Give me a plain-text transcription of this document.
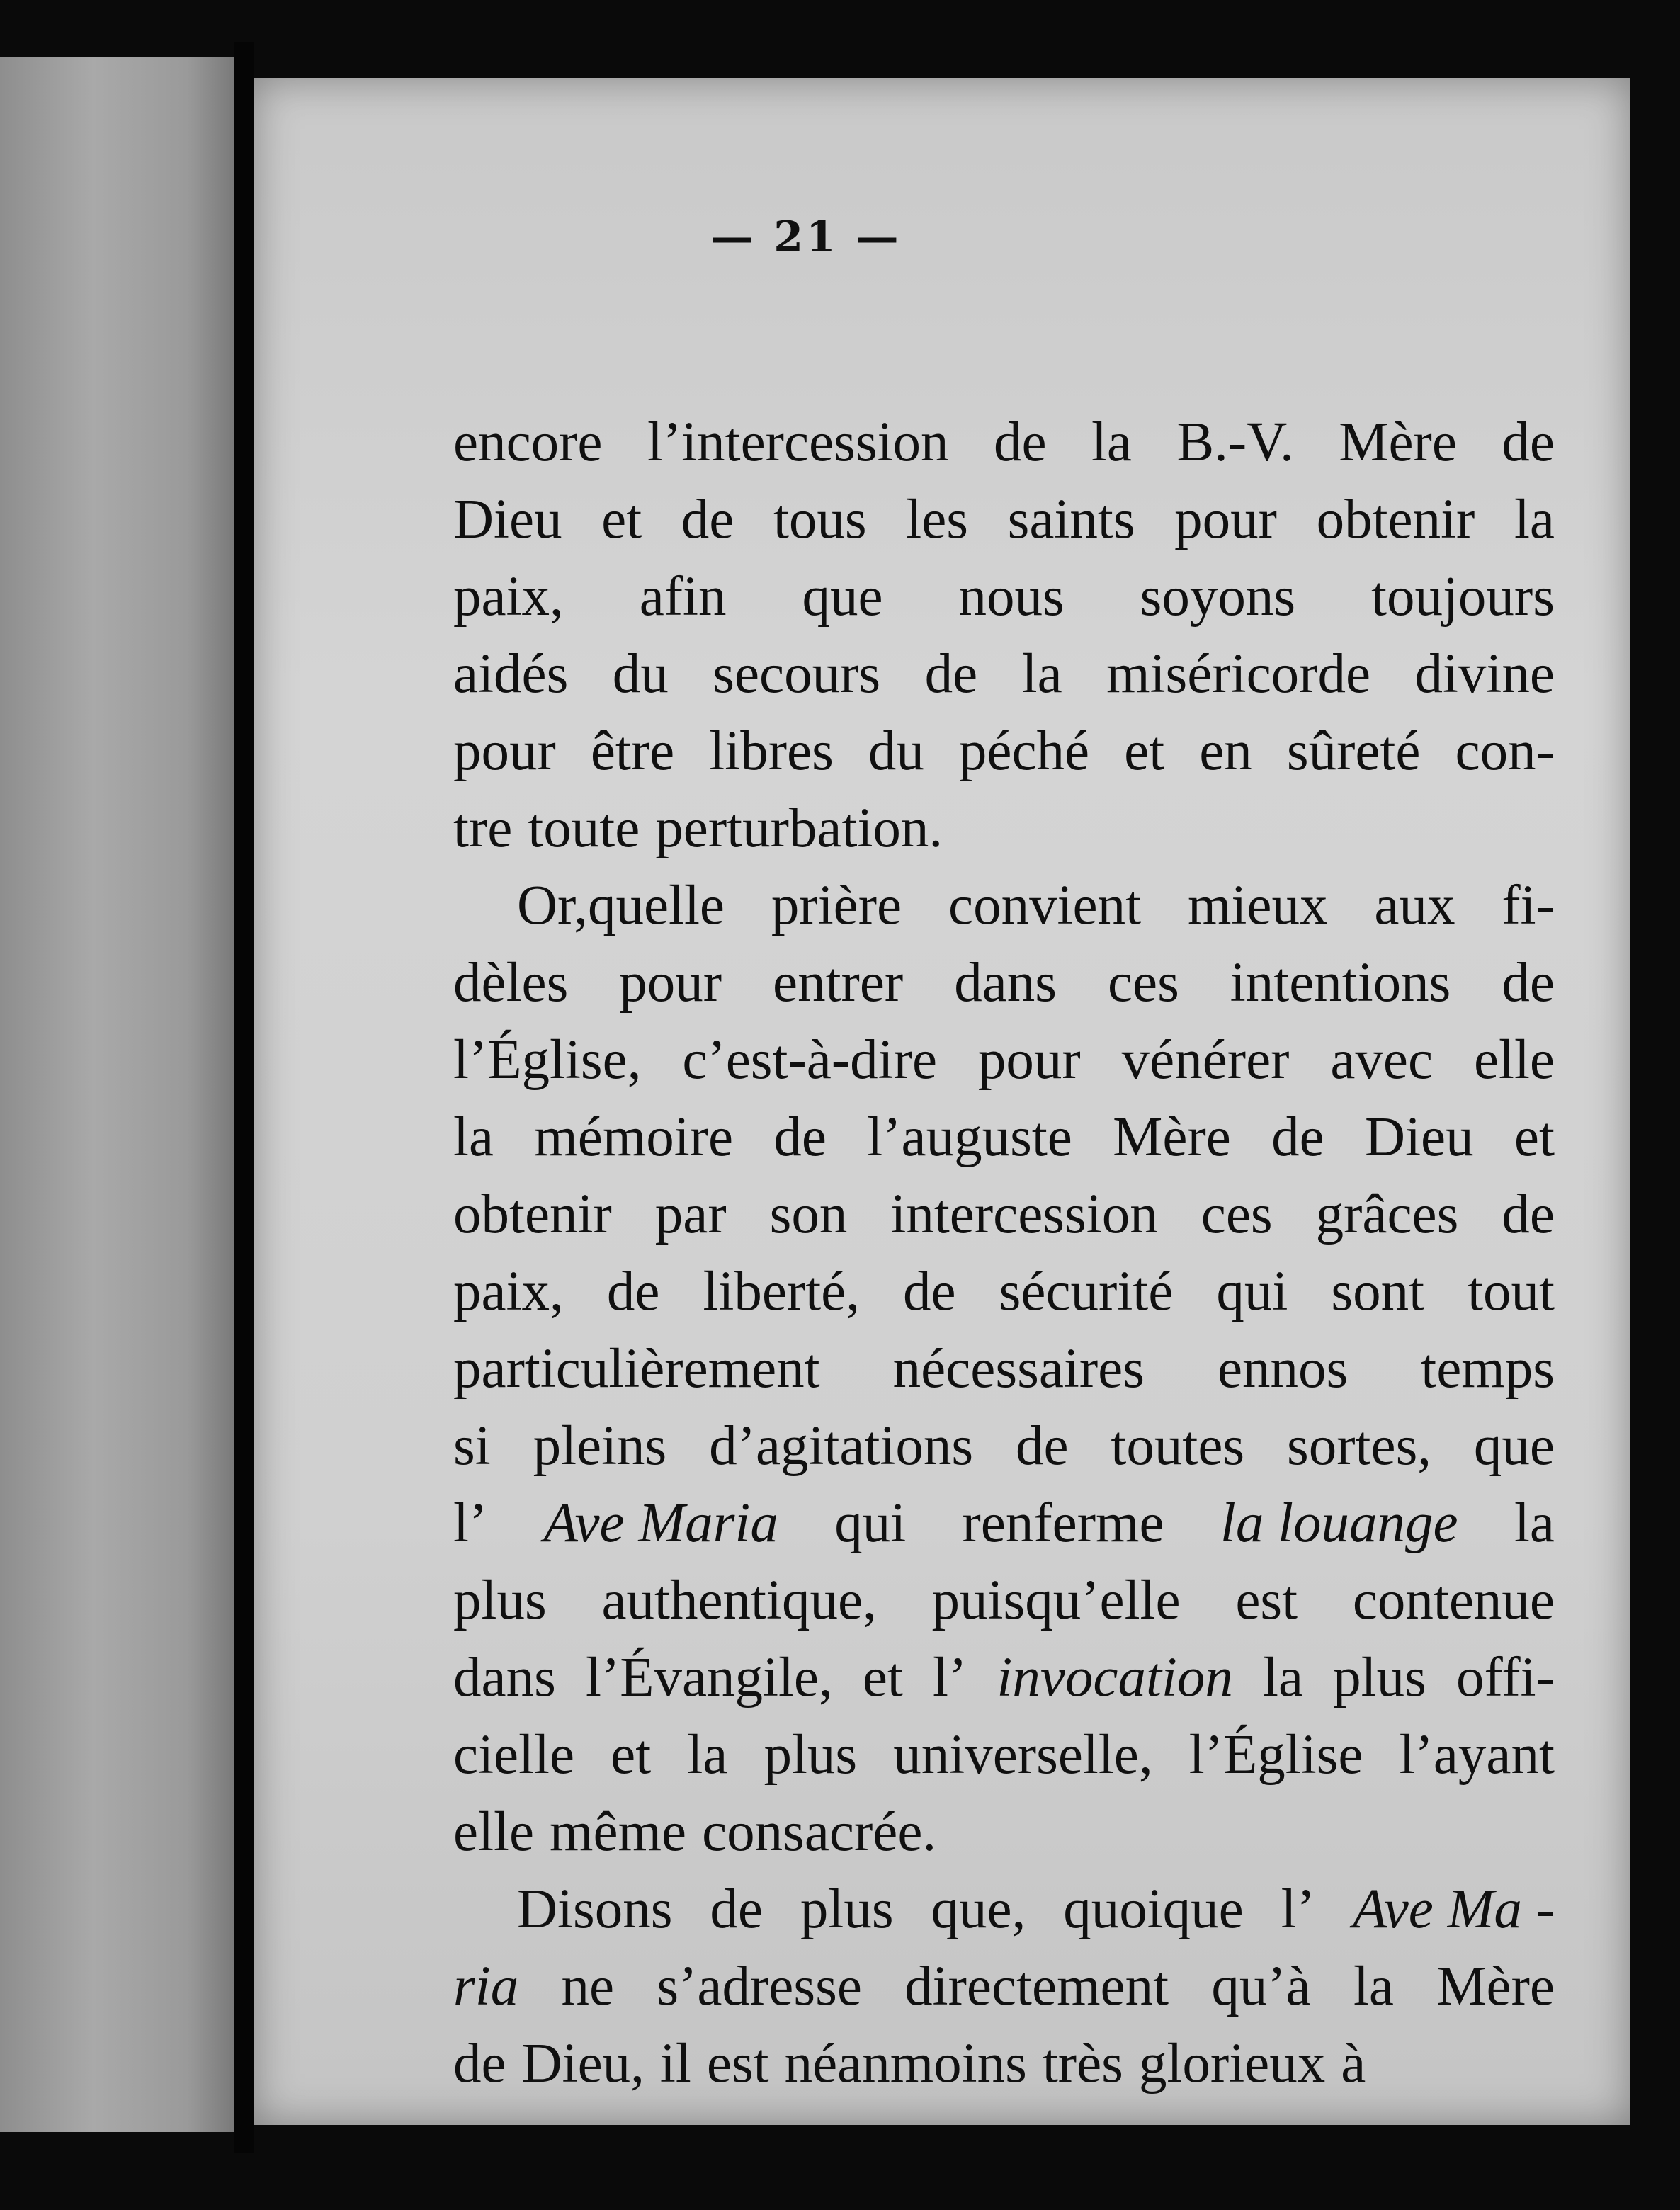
— 21 —
encore l’intercession de la B.-V. Mère de
Dieu et de tous les saints pour obtenir la
paix, afin que nous soyons toujours
aidés du secours de la miséricorde divine
pour être libres du péché et en sûreté con-
tre toute perturbation.
Or,quelle prière convient mieux aux fi-
dèles pour entrer dans ces intentions de
l’Église, c’est-à-dire pour vénérer avec elle
la mémoire de l’auguste Mère de Dieu et
obtenir par son intercession ces grâces de
paix, de liberté, de sécurité qui sont tout
particulièrement nécessaires ennos temps
si pleins d’agitations de toutes sortes, que
l’ Ave Maria qui renferme la louange la
plus authentique, puisqu’elle est contenue
dans l’Évangile, et l’ invocation la plus offi-
cielle et la plus universelle, l’Église l’ayant
elle même consacrée.
Disons de plus que, quoique l’ Ave Ma -
ria ne s’adresse directement qu’à la Mère
de Dieu, il est néanmoins très glorieux à
